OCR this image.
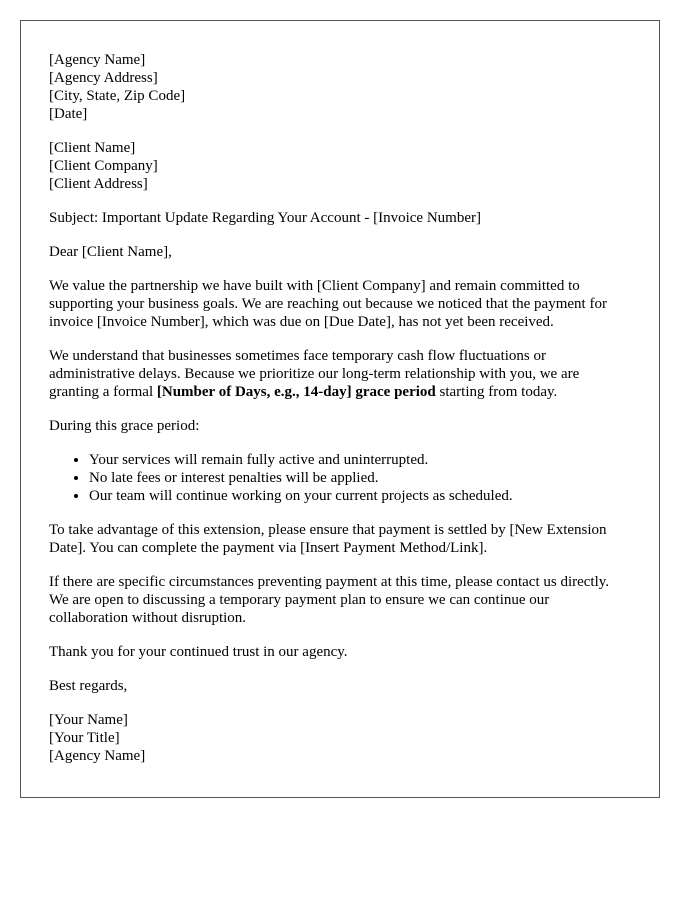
[Agency Name]
[Agency Address]
[City, State, Zip Code]
[Date]
[Client Name]
[Client Company]
[Client Address]

Subject: Important Update Regarding Your Account - [Invoice Number]

Dear [Client Name],

We value the partnership we have built with [Client Company] and remain committed to supporting your business goals. We are reaching out because we noticed that the payment for invoice [Invoice Number], which was due on [Due Date], has not yet been received.

We understand that businesses sometimes face temporary cash flow fluctuations or administrative delays. Because we prioritize our long-term relationship with you, we are granting a formal [Number of Days, e.g., 14-day] grace period starting from today.

During this grace period:

• Your services will remain fully active and uninterrupted.
• No late fees or interest penalties will be applied.
• Our team will continue working on your current projects as scheduled.

To take advantage of this extension, please ensure that payment is settled by [New Extension Date]. You can complete the payment via [Insert Payment Method/Link].

If there are specific circumstances preventing payment at this time, please contact us directly. We are open to discussing a temporary payment plan to ensure we can continue our collaboration without disruption.

Thank you for your continued trust in our agency.

Best regards,

[Your Name]
[Your Title]
[Agency Name]
